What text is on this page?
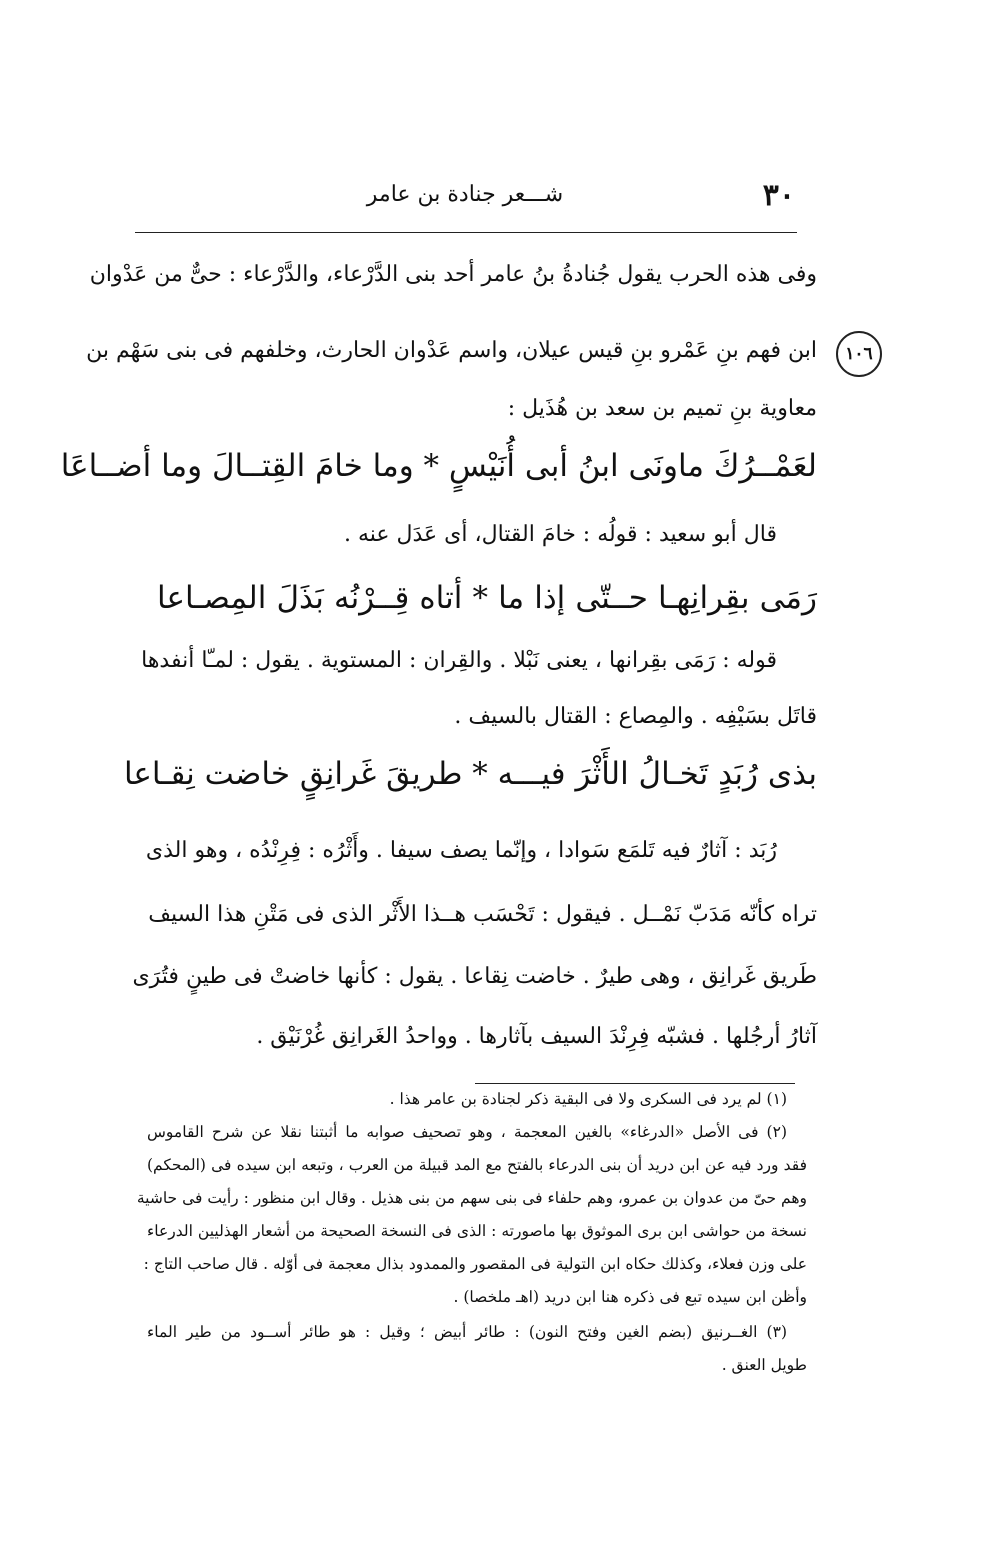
٣٠
شـــعر جنادة بن عامر
١٠٦
وفى هذه الحرب يقول جُنادةُ بنُ عامر أحد بنى الدَّرْعاء، والدَّرْعاء : حىٌّ من عَدْوان
ابن فهم بنِ عَمْرو بنِ قيس عيلان، واسم عَدْوان الحارث، وخلفهم فى بنى سَهْم بن
معاوية بنِ تميم بن سعد بن هُذَيل :
لعَمْــرُكَ ماونَى ابنُ أبى أُنَيْسٍ * وما خامَ القِتــالَ وما أضــاعَا
قال أبو سعيد : قولُه : خامَ القتال، أى عَدَل عنه .
رَمَى بقِرانِهـا حــتّى إذا ما * أتاه قِــرْنُه بَذَلَ المِصـاعا
قوله : رَمَى بقِرانها ، يعنى نَبْلا . والقِران : المستوية . يقول : لمـّا أنفدها
قاتَل بسَيْفِه . والمِصاع : القتال بالسيف .
بذى رُبَدٍ تَخـالُ الأَثْرَ فيـــه * طريقَ غَرانِقٍ خاضت نِقـاعا
رُبَد : آثارٌ فيه تَلمَع سَوادا ، وإنّما يصف سيفا . وأَثْرُه : فِرِنْدُه ، وهو الذى
تراه كأنّه مَدَبّ نَمْــل . فيقول : تَحْسَب هــذا الأَثْر الذى فى مَتْنِ هذا السيف
طَريق غَرانِق ، وهى طيرٌ . خاضت نِقاعا . يقول : كأنها خاضتْ فى طينٍ فتُرَى
آثارُ أرجُلها . فشبّه فِرِنْدَ السيف بآثارها . وواحدُ الغَرانِق غُرْنَيْق .
(١) لم يرد فى السكرى ولا فى البقية ذكر لجنادة بن عامر هذا .
(٢) فى الأصل «الدرغاء» بالغين المعجمة ، وهو تصحيف صوابه ما أثبتنا نقلا عن شرح القاموس
فقد ورد فيه عن ابن دريد أن بنى الدرعاء بالفتح مع المد قبيلة من العرب ، وتبعه ابن سيده فى (المحكم)
وهم حىّ من عدوان بن عمرو، وهم حلفاء فى بنى سهم من بنى هذيل . وقال ابن منظور : رأيت فى حاشية
نسخة من حواشى ابن برى الموثوق بها ماصورته : الذى فى النسخة الصحيحة من أشعار الهذليين الدرعاء
على وزن فعلاء، وكذلك حكاه ابن التولية فى المقصور والممدود بذال معجمة فى أوّله . قال صاحب التاج :
وأظن ابن سيده تبع فى ذكره هنا ابن دريد (اهـ ملخصا) .
(٣) الغــرنيق (بضم الغين وفتح النون) : طائر أبيض ؛ وقيل : هو طائر أســود من طير الماء
طويل العنق .
